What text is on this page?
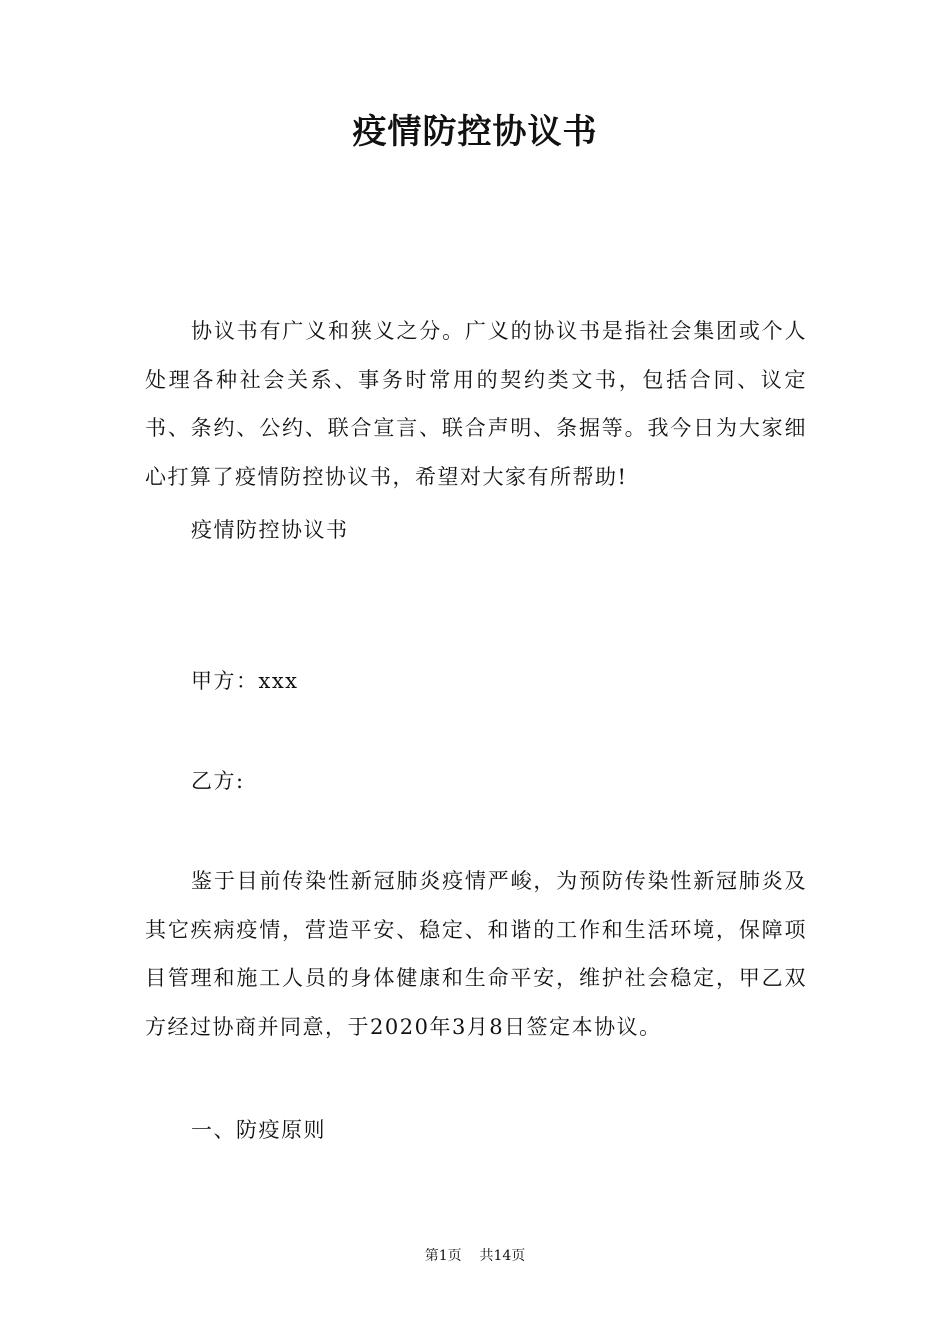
疫情防控协议书

协议书有广义和狭义之分。广义的协议书是指社会集团或个人处理各种社会关系、事务时常用的契约类文书，包括合同、议定书、条约、公约、联合宣言、联合声明、条据等。我今日为大家细心打算了疫情防控协议书，希望对大家有所帮助!

疫情防控协议书
甲方：xxx
乙方:

鉴于目前传染性新冠肺炎疫情严峻，为预防传染性新冠肺炎及其它疾病疫情，营造平安、稳定、和谐的工作和生活环境，保障项目管理和施工人员的身体健康和生命平安，维护社会稳定，甲乙双方经过协商并同意，于2020年3月8日签定本协议。

一、防疫原则
第1页    共14页
